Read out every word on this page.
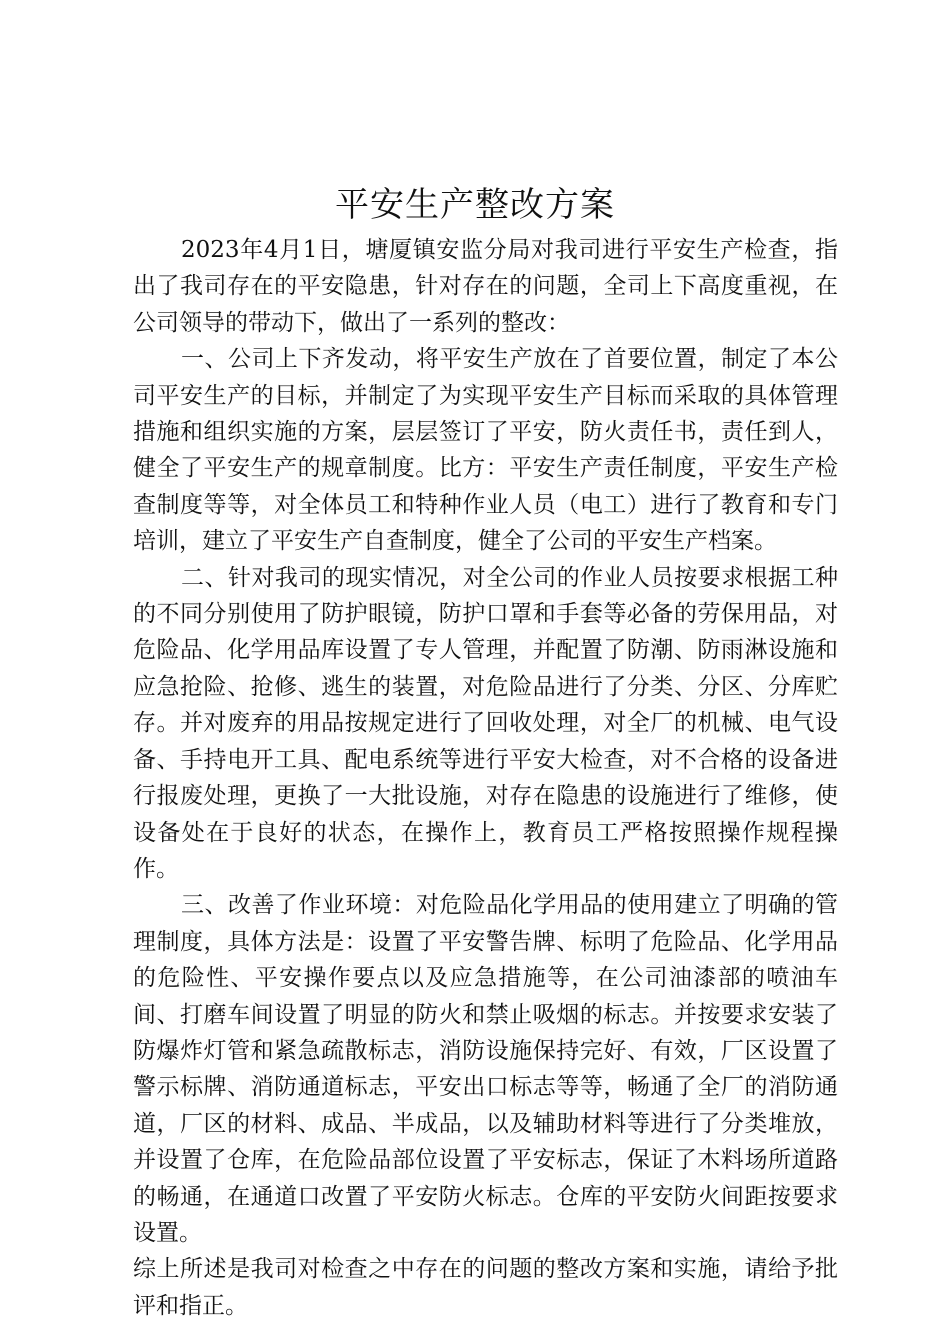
平安生产整改方案

2023年4月1日，塘厦镇安监分局对我司进行平安生产检查，指出了我司存在的平安隐患，针对存在的问题，全司上下高度重视，在公司领导的带动下，做出了一系列的整改：

一、公司上下齐发动，将平安生产放在了首要位置，制定了本公司平安生产的目标，并制定了为实现平安生产目标而采取的具体管理措施和组织实施的方案，层层签订了平安，防火责任书，责任到人，健全了平安生产的规章制度。比方：平安生产责任制度，平安生产检查制度等等，对全体员工和特种作业人员（电工）进行了教育和专门培训，建立了平安生产自查制度，健全了公司的平安生产档案。

二、针对我司的现实情况，对全公司的作业人员按要求根据工种的不同分别使用了防护眼镜，防护口罩和手套等必备的劳保用品，对危险品、化学用品库设置了专人管理，并配置了防潮、防雨淋设施和应急抢险、抢修、逃生的装置，对危险品进行了分类、分区、分库贮存。并对废弃的用品按规定进行了回收处理，对全厂的机械、电气设备、手持电开工具、配电系统等进行平安大检查，对不合格的设备进行报废处理，更换了一大批设施，对存在隐患的设施进行了维修，使设备处在于良好的状态，在操作上，教育员工严格按照操作规程操作。

三、改善了作业环境：对危险品化学用品的使用建立了明确的管理制度，具体方法是：设置了平安警告牌、标明了危险品、化学用品的危险性、平安操作要点以及应急措施等，在公司油漆部的喷油车间、打磨车间设置了明显的防火和禁止吸烟的标志。并按要求安装了防爆炸灯管和紧急疏散标志，消防设施保持完好、有效，厂区设置了警示标牌、消防通道标志，平安出口标志等等，畅通了全厂的消防通道，厂区的材料、成品、半成品，以及辅助材料等进行了分类堆放，并设置了仓库，在危险品部位设置了平安标志，保证了木料场所道路的畅通，在通道口改置了平安防火标志。仓库的平安防火间距按要求设置。

综上所述是我司对检查之中存在的问题的整改方案和实施，请给予批评和指正。
